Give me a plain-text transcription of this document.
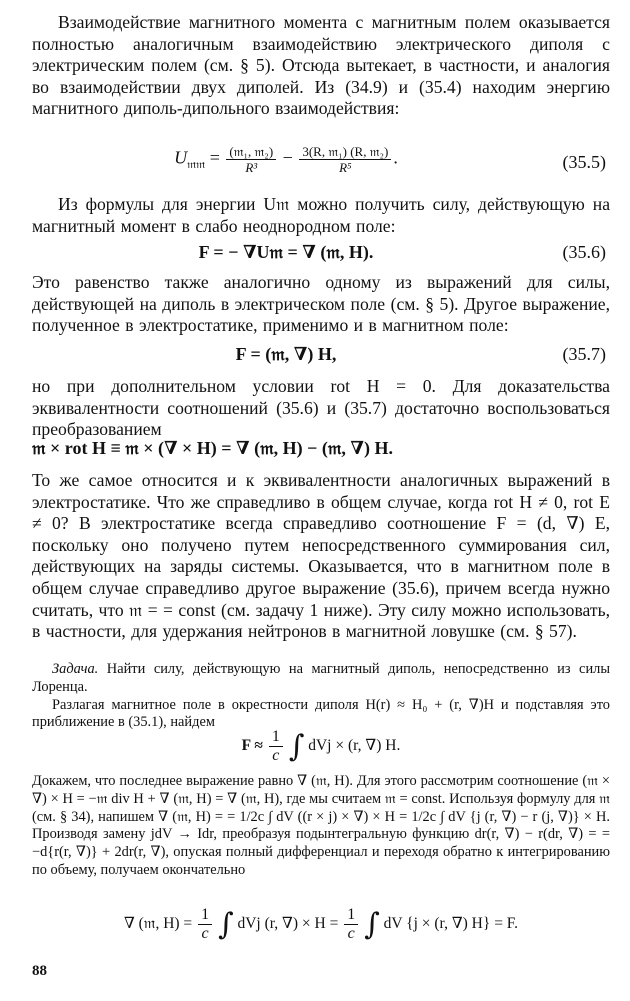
Взаимодействие магнитного момента с магнитным полем оказывается полностью аналогичным взаимодействию электрического диполя с электрическим полем (см. § 5). Отсюда вытекает, в частности, и аналогия во взаимодействии двух диполей. Из (34.9) и (35.4) находим энергию магнитного диполь-дипольного взаимодействия:

$U_{𝔪𝔪} = \frac{\text{(𝔪₁, 𝔪₂)}}{\text{R³}} - \frac{\text{3(R, 𝔪₁) (R, 𝔪₂)}}{\text{R⁵}}$ .	(35.5)

Из формулы для энергии U𝔪 можно получить силу, действующую на магнитный момент в слабо неоднородном поле:

F = − ∇U𝔪 = ∇ (𝔪, H).	(35.6)

Это равенство также аналогично одному из выражений для силы, действующей на диполь в электрическом поле (см. § 5). Другое выражение, полученное в электростатике, применимо и в магнитном поле:

F = (𝔪, ∇) H,	(35.7)

но при дополнительном условии rot H = 0. Для доказательства эквивалентности соотношений (35.6) и (35.7) достаточно воспользоваться преобразованием

𝔪 × rot H ≡ 𝔪 × (∇ × H) = ∇ (𝔪, H) − (𝔪, ∇) H.

То же самое относится и к эквивалентности аналогичных выражений в электростатике. Что же справедливо в общем случае, когда rot H ≠ 0, rot E ≠ 0? В электростатике всегда справедливо соотношение F = (d, ∇) E, поскольку оно получено путем непосредственного суммирования сил, действующих на заряды системы. Оказывается, что в магнитном поле в общем случае справедливо другое выражение (35.6), причем всегда нужно считать, что 𝔪 = = const (см. задачу 1 ниже). Эту силу можно использовать, в частности, для удержания нейтронов в магнитной ловушке (см. § 57).

Задача. Найти силу, действующую на магнитный диполь, непосредственно из силы Лоренца.

Разлагая магнитное поле в окрестности диполя H(r) ≈ H₀ + (r, ∇)H и подставляя это приближение в (35.1), найдем

$F \approx \frac{1}{c}$ ∫ dVj × (r, ∇) H.

Докажем, что последнее выражение равно ∇ (𝔪, H). Для этого рассмотрим соотношение (𝔪 × ∇) × H = −𝔪 div H + ∇ (𝔪, H) = ∇ (𝔪, H), где мы считаем 𝔪 = const. Используя формулу для 𝔪 (см. § 34), напишем ∇ (𝔪, H) = = 1/2c ∫ dV ((r × j) × ∇) × H = 1/2c ∫ dV {j (r, ∇) − r (j, ∇)} × H. Производя замену jdV → Idr, преобразуя подынтегральную функцию dr(r, ∇) − r(dr, ∇) = = −d{r(r, ∇)} + 2dr(r, ∇), опуская полный дифференциал и переходя обратно к интегрированию по объему, получаем окончательно

∇ (𝔪, $H) = \frac{1}{c}$ ∫ dVj (r, ∇) × $H = \frac{1}{c}$ ∫ dV {j × (r, ∇) H} = F.
88
